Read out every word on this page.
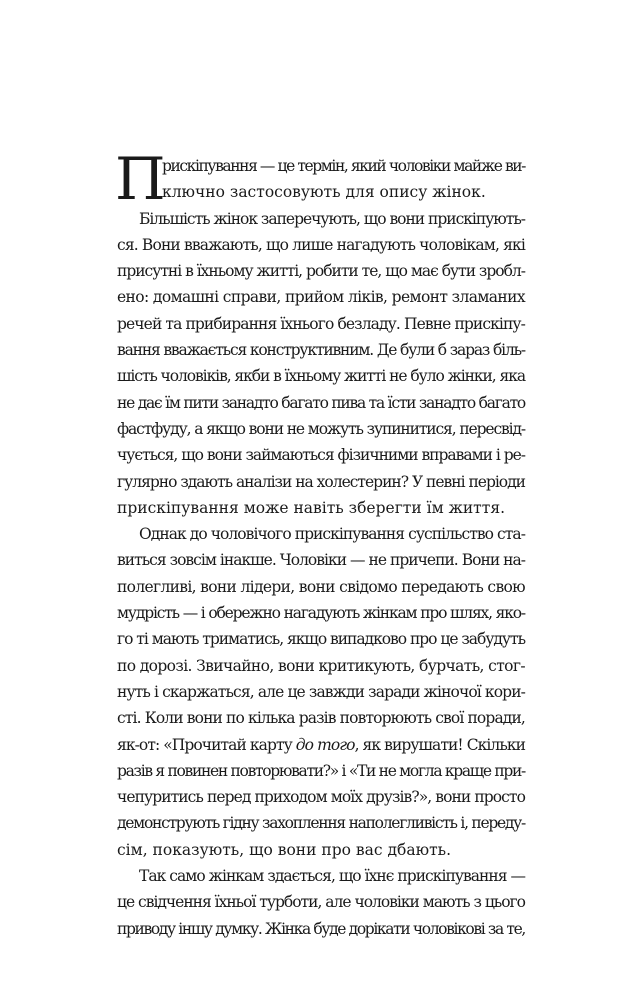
П
рискіпування — це термін, який чоловіки майже ви-
ключно застосовують для опису жінок.
Більшість жінок заперечують, що вони прискіпують-
ся. Вони вважають, що лише нагадують чоловікам, які
присутні в їхньому житті, робити те, що має бути зробл-
ено: домашні справи, прийом ліків, ремонт зламаних
речей та прибирання їхнього безладу. Певне прискіпу-
вання вважається конструктивним. Де були б зараз біль-
шість чоловіків, якби в їхньому житті не було жінки, яка
не дає їм пити занадто багато пива та їсти занадто багато
фастфуду, а якщо вони не можуть зупинитися, пересвід-
чується, що вони займаються фізичними вправами і ре-
гулярно здають аналізи на холестерин? У певні періоди
прискіпування може навіть зберегти їм життя.
Однак до чоловічого прискіпування суспільство ста-
виться зовсім інакше. Чоловіки — не причепи. Вони на-
полегливі, вони лідери, вони свідомо передають свою
мудрість — і обережно нагадують жінкам про шлях, яко-
го ті мають триматись, якщо випадково про це забудуть
по дорозі. Звичайно, вони критикують, бурчать, стог-
нуть і скаржаться, але це завжди заради жіночої кори-
сті. Коли вони по кілька разів повторюють свої поради,
як-от: «Прочитай карту до того, як вирушати! Скільки
разів я повинен повторювати?» і «Ти не могла краще при-
чепуритись перед приходом моїх друзів?», вони просто
демонструють гідну захоплення наполегливість і, переду-
сім, показують, що вони про вас дбають.
Так само жінкам здається, що їхнє прискіпування —
це свідчення їхньої турботи, але чоловіки мають з цього
приводу іншу думку. Жінка буде дорікати чоловікові за те,
